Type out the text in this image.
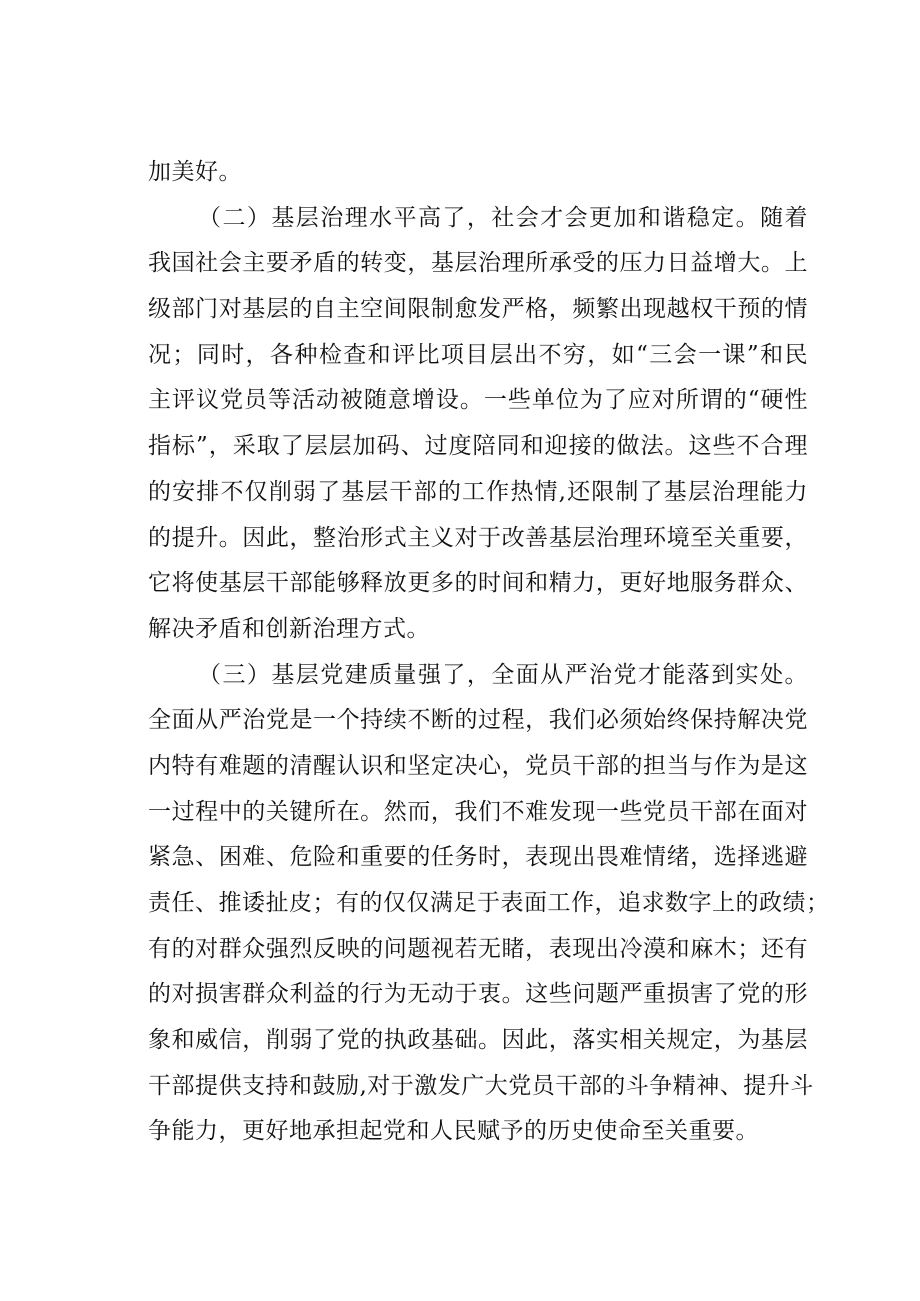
加美好。
（二）基层治理水平高了，社会才会更加和谐稳定。随着
我国社会主要矛盾的转变，基层治理所承受的压力日益增大。上
级部门对基层的自主空间限制愈发严格，频繁出现越权干预的情
况；同时，各种检查和评比项目层出不穷，如“三会一课”和民
主评议党员等活动被随意增设。一些单位为了应对所谓的“硬性
指标”，采取了层层加码、过度陪同和迎接的做法。这些不合理
的安排不仅削弱了基层干部的工作热情,还限制了基层治理能力
的提升。因此，整治形式主义对于改善基层治理环境至关重要，
它将使基层干部能够释放更多的时间和精力，更好地服务群众、
解决矛盾和创新治理方式。
（三）基层党建质量强了，全面从严治党才能落到实处。
全面从严治党是一个持续不断的过程，我们必须始终保持解决党
内特有难题的清醒认识和坚定决心，党员干部的担当与作为是这
一过程中的关键所在。然而，我们不难发现一些党员干部在面对
紧急、困难、危险和重要的任务时，表现出畏难情绪，选择逃避
责任、推诿扯皮；有的仅仅满足于表面工作，追求数字上的政绩；
有的对群众强烈反映的问题视若无睹，表现出冷漠和麻木；还有
的对损害群众利益的行为无动于衷。这些问题严重损害了党的形
象和威信，削弱了党的执政基础。因此，落实相关规定，为基层
干部提供支持和鼓励,对于激发广大党员干部的斗争精神、提升斗
争能力，更好地承担起党和人民赋予的历史使命至关重要。
